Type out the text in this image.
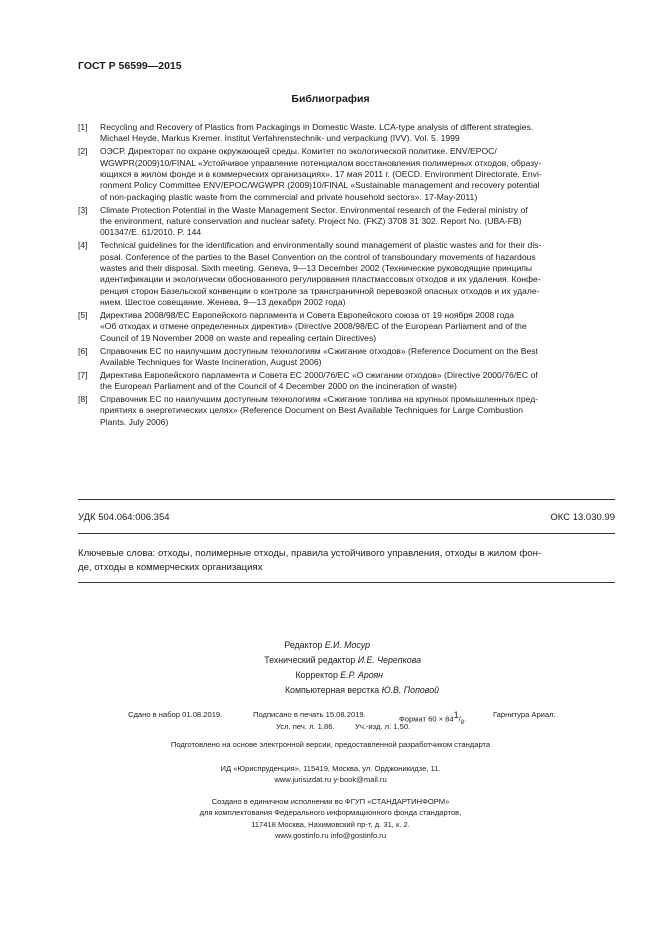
ГОСТ Р 56599—2015
Библиография
[1]	Recycling and Recovery of Plastics from Packagings in Domestic Waste. LCA-type analysis of different strategies.
Michael Heyde, Markus Kremer. Institut Verfahrenstechnik- und verpackung (IVV). Vol. 5. 1999
[2]	ОЭСР. Директорат по охране окружающей среды. Комитет по экологической политике. ENV/EPOC/
WGWPR(2009)10/FINAL «Устойчивое управление потенциалом восстановления полимерных отходов, образу-
ющихся в жилом фонде и в коммерческих организациях». 17 мая 2011 г. (OECD. Environment Directorate. Envi-
ronment Policy Committee ENV/EPOC/WGWPR (2009)10/FINAL «Sustainable management and recovery potential
of non-packaging plastic waste from the commercial and private household sectors». 17-May-2011)
[3]	Climate Protection Potential in the Waste Management Sector. Environmental research of the Federal ministry of
the environment, nature conservation and nuclear safety. Project No. (FKZ) 3708 31 302. Report No. (UBA-FB)
001347/E. 61/2010. P. 144
[4]	Technical guidelines for the identification and environmentally sound management of plastic wastes and for their dis-
posal. Conference of the parties to the Basel Convention on the control of transboundary movements of hazardous
wastes and their disposal. Sixth meeting. Geneva, 9—13 December 2002 (Технические руководящие принципы
идентификации и экологически обоснованного регулирования пластмассовых отходов и их удаления. Конфе-
ренция сторон Базельской конвенции о контроле за трансграничной перевозкой опасных отходов и их удале-
нием. Шестое совещание. Женева, 9—13 декабря 2002 года)
[5]	Директива 2008/98/ЕС Европейского парламента и Совета Европейского союза от 19 ноября 2008 года
«Об отходах и отмене определенных директив» (Directive 2008/98/EC of the European Parliament and of the
Council of 19 November 2008 on waste and repealing certain Directives)
[6]	Справочник ЕС по наилучшим доступным технологиям «Сжигание отходов» (Reference Document on the Best
Available Techniques for Waste Incineration, August 2006)
[7]	Директива Европейского парламента и Совета ЕС 2000/76/ЕС «О сжигании отходов» (Directive 2000/76/EC of
the European Parliament and of the Council of 4 December 2000 on the incineration of waste)
[8]	Справочник ЕС по наилучшим доступным технологиям «Сжигание топлива на крупных промышленных пред-
приятиях в энергетических целях» (Reference Document on Best Available Techniques for Large Combustion
Plants. July 2006)
УДК 504.064:006.354	ОКС 13.030.99
Ключевые слова: отходы, полимерные отходы, правила устойчивого управления, отходы в жилом фон-
де, отходы в коммерческих организациях
Редактор Е.И. Мосур
Технический редактор И.Е. Черепкова
Корректор Е.Р. Ароян
Компьютерная верстка Ю.В. Поповой
Сдано в набор 01.08.2019.	Подписано в печать 15.08.2019.
Формат $60 \times 84^1/_8$.
Гарнитура Ариал.
Усл. печ. л. 1,86.	Уч.-изд. л. 1,50.
Подготовлено на основе электронной версии, предоставленной разработчиком стандарта
ИД «Юриспруденция», 115419, Москва, ул. Орджоникидзе, 11.
www.jurisizdat.ru y-book@mail.ru
Создано в единичном исполнении во ФГУП «СТАНДАРТИНФОРМ»
для комплектования Федерального информационного фонда стандартов,
117418 Москва, Нахимовский пр-т, д. 31, к. 2.
www.gostinfo.ru info@gostinfo.ru
